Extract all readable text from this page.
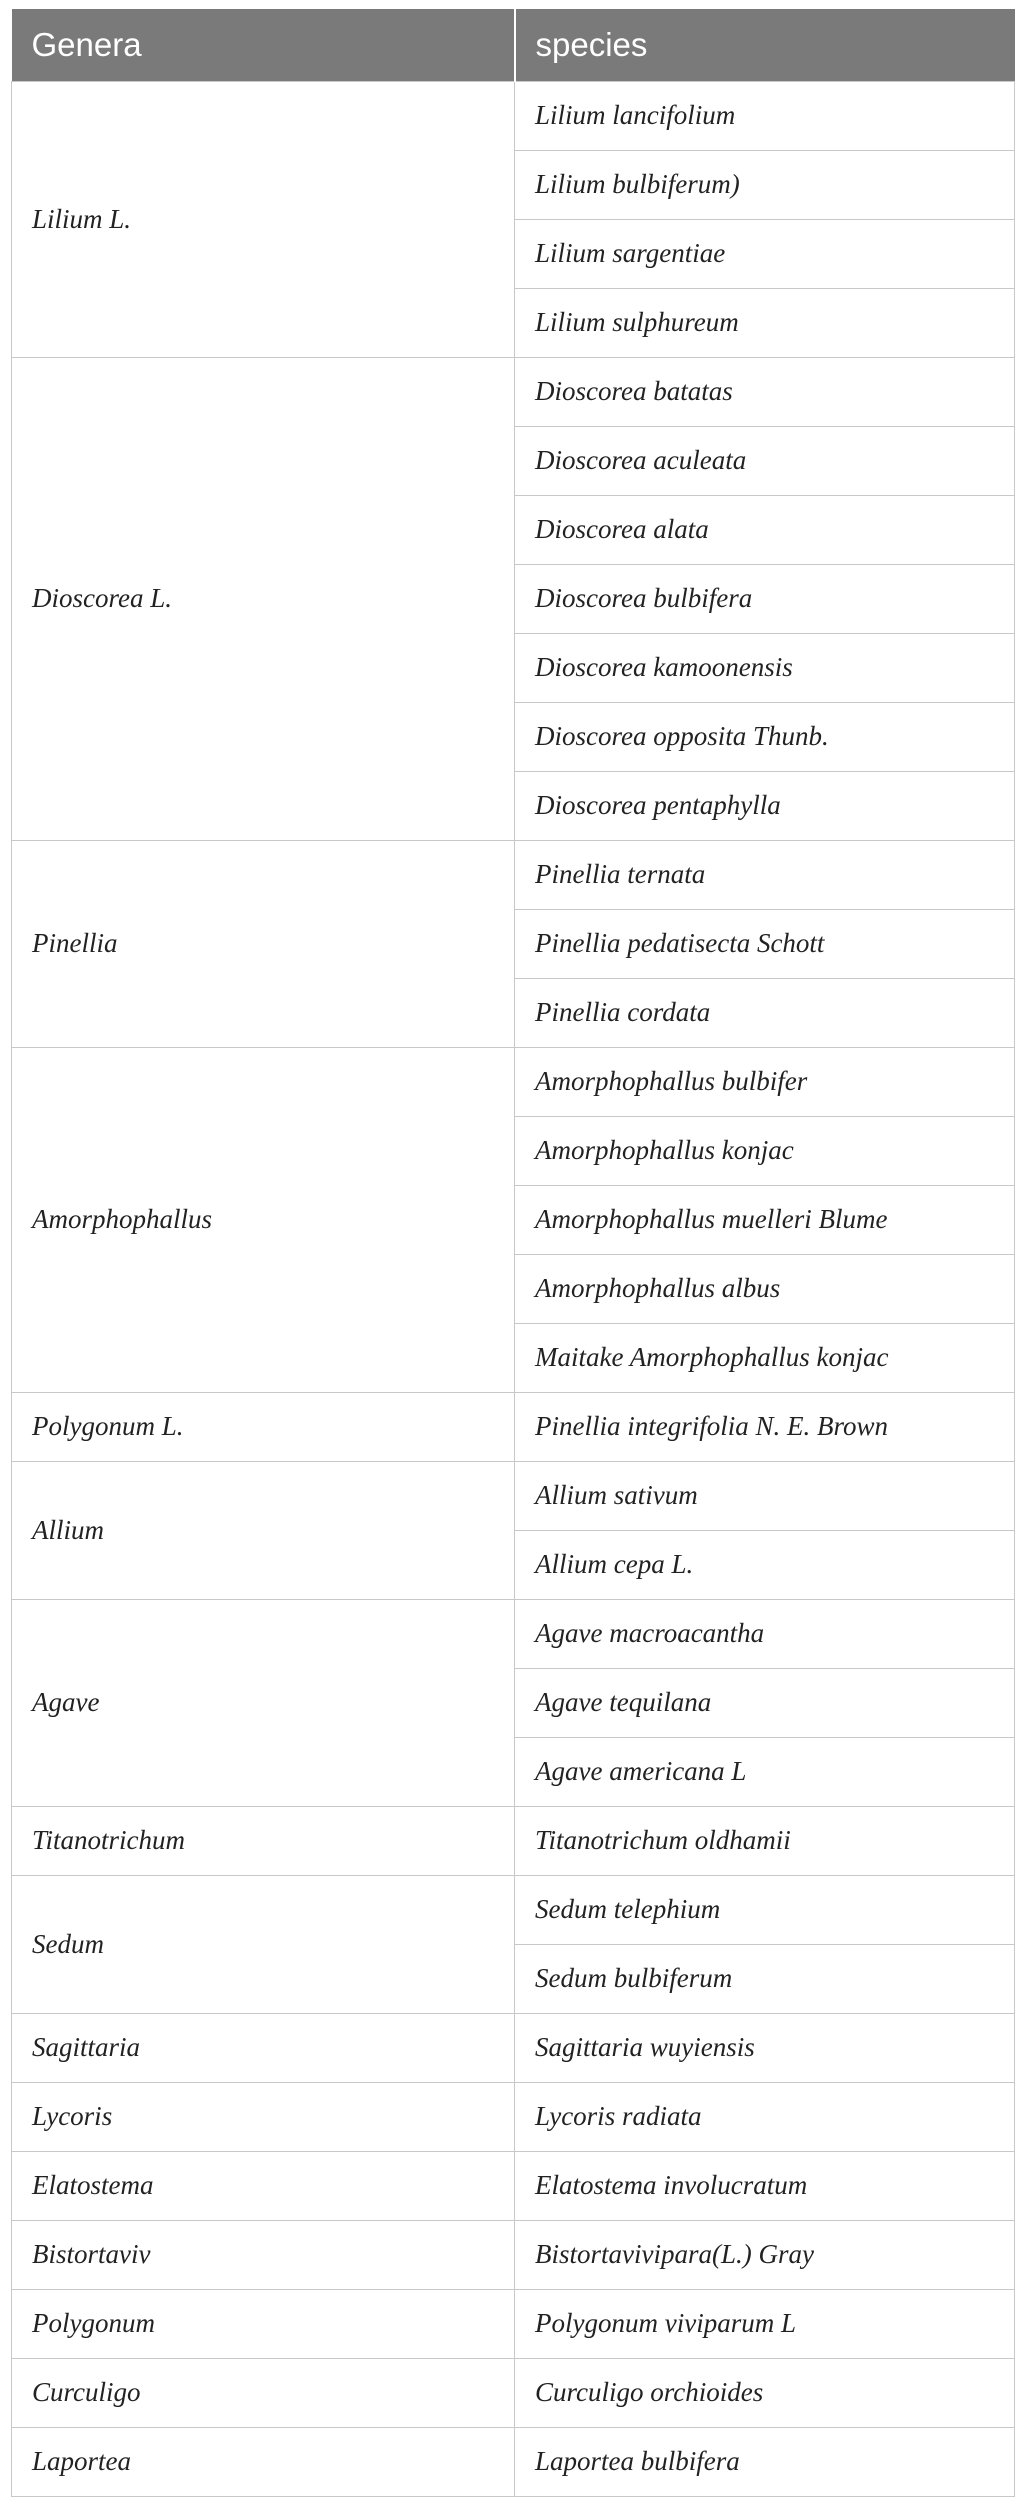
Genera	species
Lilium L.	Lilium lancifolium
	Lilium bulbiferum)
	Lilium sargentiae
	Lilium sulphureum
Dioscorea L.	Dioscorea batatas
	Dioscorea aculeata
	Dioscorea alata
	Dioscorea bulbifera
	Dioscorea kamoonensis
	Dioscorea opposita Thunb.
	Dioscorea pentaphylla
Pinellia	Pinellia ternata
	Pinellia pedatisecta Schott
	Pinellia cordata
Amorphophallus	Amorphophallus bulbifer
	Amorphophallus konjac
	Amorphophallus muelleri Blume
	Amorphophallus albus
	Maitake Amorphophallus konjac
Polygonum L.	Pinellia integrifolia N. E. Brown
Allium	Allium sativum
	Allium cepa L.
Agave	Agave macroacantha
	Agave tequilana
	Agave americana L
Titanotrichum	Titanotrichum oldhamii
Sedum	Sedum telephium
	Sedum bulbiferum
Sagittaria	Sagittaria wuyiensis
Lycoris	Lycoris radiata
Elatostema	Elatostema involucratum
Bistortaviv	Bistortavivipara(L.) Gray
Polygonum	Polygonum viviparum L
Curculigo	Curculigo orchioides
Laportea	Laportea bulbifera
